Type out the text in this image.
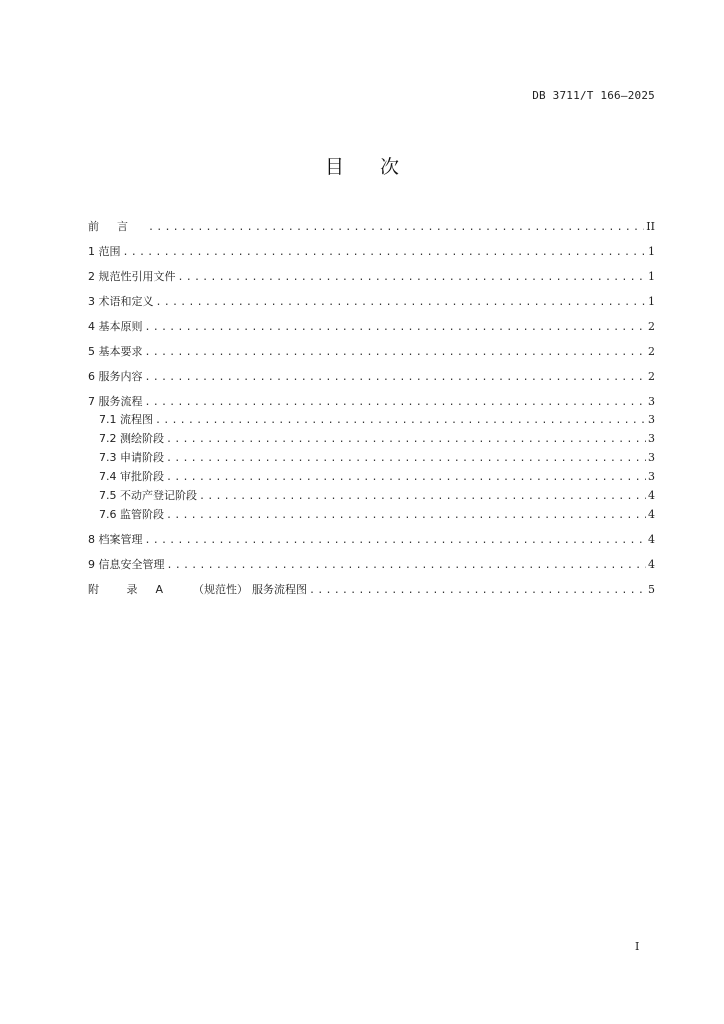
DB 3711/T 166—2025
目次
前言 .....	II
1 范围 .....	1
2 规范性引用文件 .....	1
3 术语和定义 .....	1
4 基本原则 .....	2
5 基本要求 .....	2
6 服务内容 .....	2
7 服务流程 .....	3
7.1 流程图 .....	3
7.2 测绘阶段 .....	3
7.3 申请阶段 .....	3
7.4 审批阶段 .....	3
7.5 不动产登记阶段 .....	4
7.6 监管阶段 .....	4
8 档案管理 .....	4
9 信息安全管理 .....	4
附 录 A	（规范性） 服务流程图 .....	5
I
